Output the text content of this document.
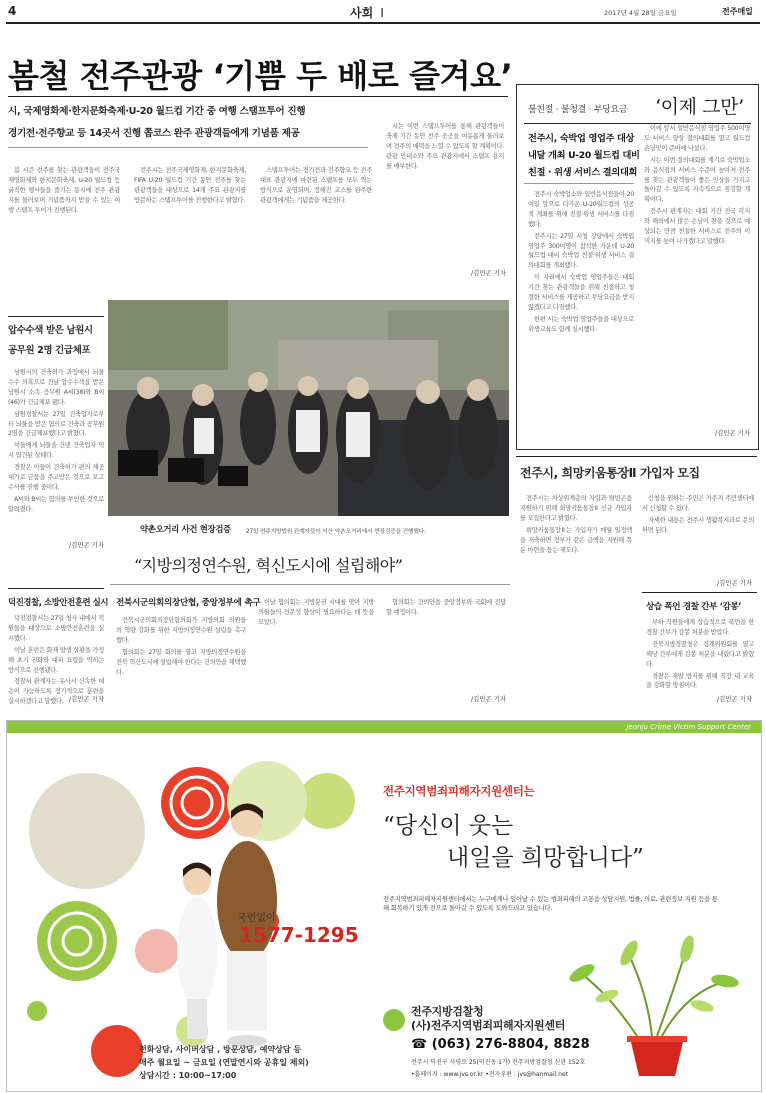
4	사회 I	2017년 4월 28일 금요일	전주매일
봄철 전주관광 ‘기쁨 두 배로 즐겨요’
시, 국제영화제·한지문화축제·U-20 월드컵 기간 중 여행 스탬프투어 진행
경기전·전주향교 등 14곳서 진행 쫍코스 완주 관광객들에게 기념품 제공

봄 시즌 전주를 찾는 관광객들이 전주국제영화제와 한지문화축제, U-20 월드컵 등 굵직한 행사들을 즐기는 동시에 전주 관광지를 둘러보며 기념품까지 받을 수 있는 여행 스탬프 투어가 진행된다.

전주시는 전주국제영화제, 한지문화축제, FIFA U-20 월드컵 기간 동안 전주를 찾는 관광객들을 대상으로 14개 주요 관광지를 방문하는 스탬프투어를 진행한다고 밝혔다.

스탬프투어는 경기전과 전주향교 등 전주 대표 관광지에 마련된 스탬프를 모두 찍는 방식으로 운영되며, 정해진 코스를 완주한 관광객에게는 기념품을 제공한다.

시는 이번 스탬프투어를 통해 관광객들이 축제 기간 동안 전주 곳곳을 여유롭게 둘러보며 전주의 매력을 느낄 수 있도록 할 계획이다. 관광 안내소와 주요 관광지에서 스탬프 용지를 배부한다.

/김민곤 기자
불친절 · 불청결 · 부당요금 ‘이제 그만’
전주시, 숙박업 영업주 대상
내달 개최 U-20 월드컵 대비
친절 · 위생 서비스 결의대회

전주시 숙박업소와 일반음식점들이 20여일 앞으로 다가온 U-20월드컵의 성공적 개최를 위해 친절·위생 서비스를 다짐했다.

전주시는 27일 시청 강당에서 숙박업 영업주 300여명이 참석한 가운데 U-20월드컵 대비 숙박업 친절·위생 서비스 결의대회를 개최했다.

이 자리에서 숙박업 영업주들은 대회 기간 찾는 관광객들을 위해 친절하고 청결한 서비스를 제공하고 부당요금을 받지 않겠다고 다짐했다.

한편 시는 숙박업 영업주들을 대상으로 위생교육도 함께 실시했다.

이에 앞서 일반음식점 영업주 500여명도 서비스 향상 결의대회를 열고 월드컵 손님맞이 준비에 나섰다.

시는 이번 결의대회를 계기로 숙박업소와 음식점의 서비스 수준이 높아져 전주를 찾는 관광객들이 좋은 인상을 가지고 돌아갈 수 있도록 지속적으로 점검할 계획이다.

전주시 관계자는 대회 기간 전국 각지와 해외에서 많은 손님이 찾을 것으로 예상되는 만큼 친절한 서비스로 전주의 이미지를 높여 나가겠다고 말했다.

/김민곤 기자
압수수색 받은 남원시
공무원 2명 긴급체포

남원시의 건축허가 과정에서 뇌물수수 의혹으로 전날 압수수색을 받은 남원시 소속 공무원 A씨(38)와 B씨(46)가 긴급체포 됐다.

남원경찰서는 27일 건축업자로부터 뇌물을 받은 혐의로 건축과 공무원 2명을 긴급체포했다고 밝혔다.

이들에게 뇌물을 건넨 건축업자 역시 입건된 상태다.

경찰은 이들이 건축허가 편의 제공 대가로 금품을 주고받은 것으로 보고 수사를 진행 중이다.

A씨와 B씨는 혐의를 부인한 것으로 알려졌다.

/김민곤 기자
약촌오거리 사건 현장검증	27일 전주지방법원 관계자들이 익산 약촌오거리에서 현장검증을 진행했다.
“지방의정연수원, 혁신도시에 설립해야”
전북시군의회의장단협, 중앙정부에 촉구

전북시군의회의장단협의회가 지방의회 의원들의 역량 강화를 위한 지방의정연수원 설립을 촉구했다.

협의회는 27일 회의를 열고 지방의정연수원을 전북 혁신도시에 설립해야 한다는 건의안을 채택했다.

이날 협의회는 지방분권 시대를 맞아 지방의원들의 전문성 향상이 필요하다는 데 뜻을 모았다.

협의회는 건의안을 중앙정부와 국회에 전달할 예정이다.

/김민곤 기자
덕진경찰, 소방안전훈련 실시

덕진경찰서는 27일 청사 내에서 직원들을 대상으로 소방안전훈련을 실시했다.

이날 훈련은 화재 발생 상황을 가정해 초기 진화와 대피 요령을 익히는 방식으로 진행됐다.

경찰서 관계자는 유사시 신속한 대응이 가능하도록 정기적으로 훈련을 실시하겠다고 말했다. /김민곤 기자
전주시, 희망키움통장Ⅱ 가입자 모집

전주시는 차상위계층의 자립과 탈빈곤을 지원하기 위해 희망키움통장Ⅱ 신규 가입자를 모집한다고 밝혔다.

희망키움통장Ⅱ는 가입자가 매월 일정액을 저축하면 정부가 같은 금액을 지원해 목돈 마련을 돕는 제도다.

신청을 원하는 주민은 거주지 주민센터에서 신청할 수 있다.

자세한 내용은 전주시 생활복지과로 문의하면 된다.

/김민곤 기자
상습 폭언 경찰 간부 ‘감봉’

부하 직원들에게 상습적으로 폭언을 한 경찰 간부가 감봉 처분을 받았다.

전북지방경찰청은 징계위원회를 열고 해당 간부에게 감봉 처분을 내렸다고 밝혔다.

경찰은 재발 방지를 위해 직장 내 교육을 강화할 방침이다.

/김민곤 기자
Jeonju Crime Victim Support Center
국번없이
1577-1295
전화상담, 사이버상담 , 방문상담, 예약상담 등
매주 월요일 ~ 금요일 (연말연시와 공휴일 제외)
상담시간 : 10:00~17:00
전주지역범죄피해자지원센터는
“당신이 웃는
내일을 희망합니다”
전주지역범죄피해자지원센터에서는 누구에게나 일어날 수 있는 범죄피해의 고통을 상담지원, 법률, 의료, 관련정보 지원 등을 통해 회복하기 있게 전으로 돌아갈 수 있도록 도와드리고 있습니다.
전주지방검찰청
(사)전주지역범죄피해자지원센터
☎ (063) 276-8804, 8828
전주시 덕진구 사평로 25(덕진동 1가) 전주지방검찰청 신관 152호
•홈페이지 : www.jvs.or.kr •전자우편 : jvs@hanmail.net
